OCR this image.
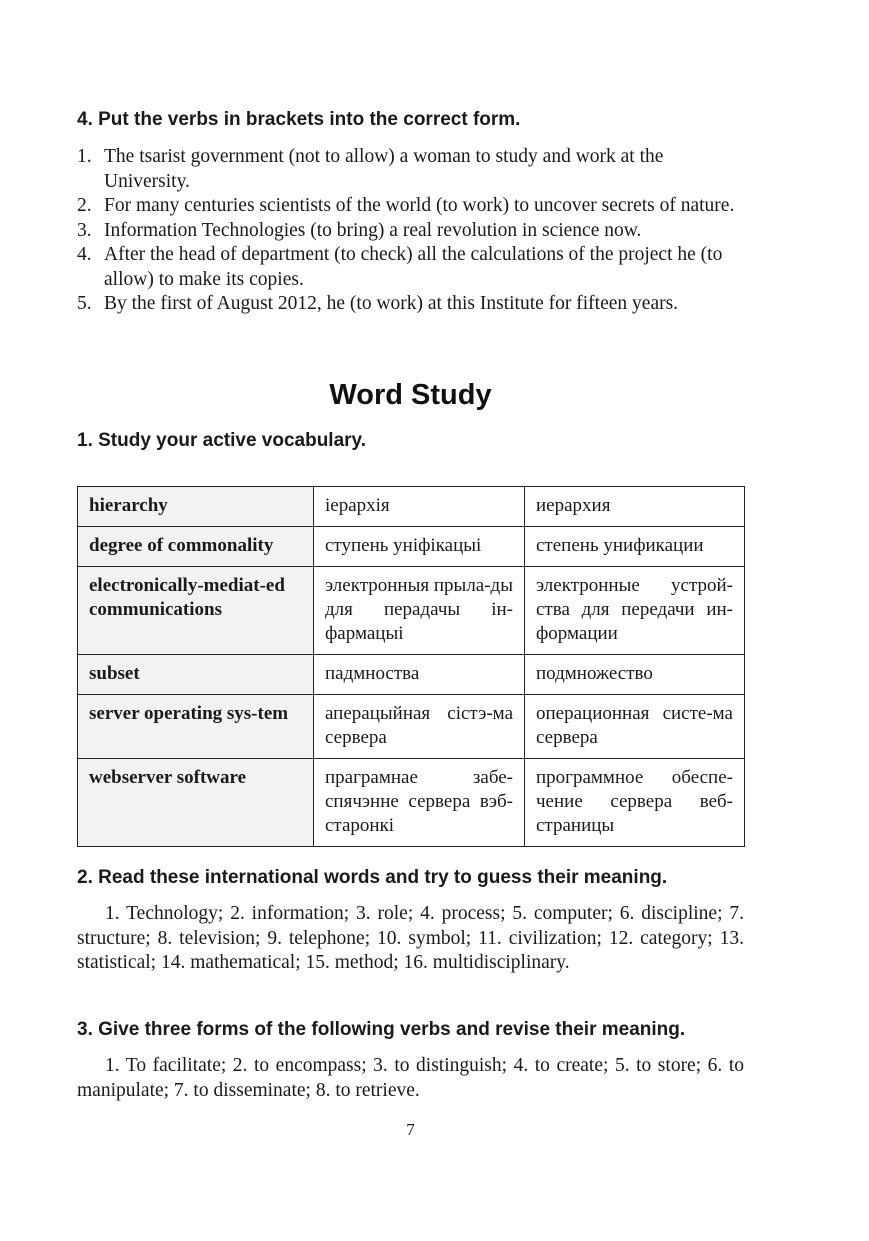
4. Put the verbs in brackets into the correct form.
1. The tsarist government (not to allow) a woman to study and work at the University.
2. For many centuries scientists of the world (to work) to uncover secrets of nature.
3. Information Technologies (to bring) a real revolution in science now.
4. After the head of department (to check) all the calculations of the project he (to allow) to make its copies.
5. By the first of August 2012, he (to work) at this Institute for fifteen years.
Word Study
1. Study your active vocabulary.
hierarchy	іерархія	иерархия
degree of commonality	ступень уніфікацыі	степень унификации
electronically-mediat-ed communications	электронныя прыла-ды для перадачы ін-фармацыі	электронные устрой-ства для передачи ин-формации
subset	падмноства	подмножество
server operating sys-tem	аперацыйная сістэ-ма сервера	операционная систе-ма сервера
webserver software	праграмнае забе-спячэнне сервера вэб-старонкі	программное обеспе-чение сервера веб-страницы
2. Read these international words and try to guess their meaning.

1. Technology; 2. information; 3. role; 4. process; 5. computer; 6. discipline; 7. structure; 8. television; 9. telephone; 10. symbol; 11. civilization; 12. category; 13. statistical; 14. mathematical; 15. method; 16. multidisciplinary.

3. Give three forms of the following verbs and revise their meaning.

1. To facilitate; 2. to encompass; 3. to distinguish; 4. to create; 5. to store; 6. to manipulate; 7. to disseminate; 8. to retrieve.

7
